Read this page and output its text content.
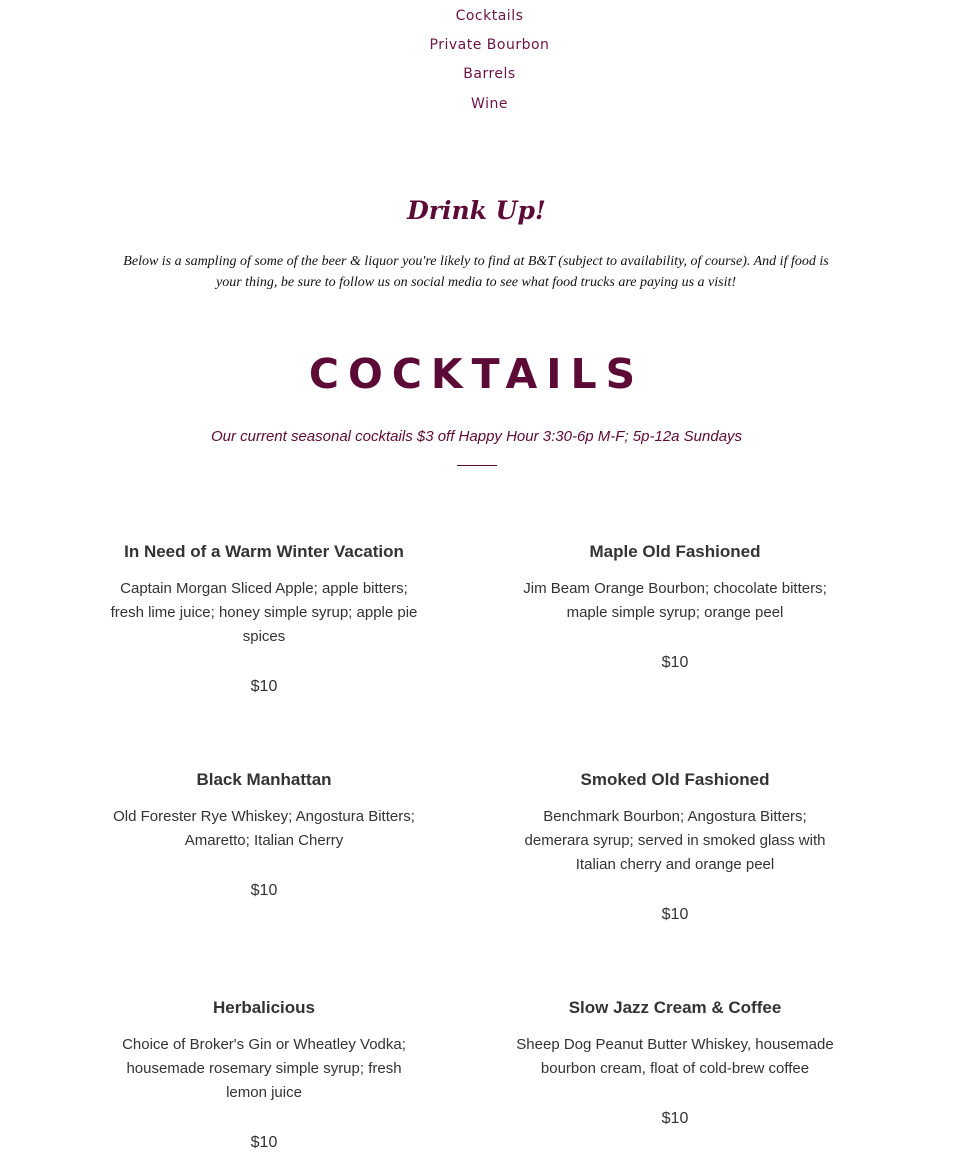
Cocktails
Private Bourbon
Barrels
Wine
Drink Up!

Below is a sampling of some of the beer & liquor you're likely to find at B&T (subject to availability, of course). And if food is your thing, be sure to follow us on social media to see what food trucks are paying us a visit!

COCKTAILS

Our current seasonal cocktails $3 off Happy Hour 3:30-6p M-F; 5p-12a Sundays

In Need of a Warm Winter Vacation

Captain Morgan Sliced Apple; apple bitters; fresh lime juice; honey simple syrup; apple pie spices

$10

Maple Old Fashioned

Jim Beam Orange Bourbon; chocolate bitters; maple simple syrup; orange peel

$10

Black Manhattan

Old Forester Rye Whiskey; Angostura Bitters; Amaretto; Italian Cherry

$10

Smoked Old Fashioned

Benchmark Bourbon; Angostura Bitters; demerara syrup; served in smoked glass with Italian cherry and orange peel

$10

Herbalicious

Choice of Broker's Gin or Wheatley Vodka; housemade rosemary simple syrup; fresh lemon juice

$10

Slow Jazz Cream & Coffee

Sheep Dog Peanut Butter Whiskey, housemade bourbon cream, float of cold-brew coffee

$10
